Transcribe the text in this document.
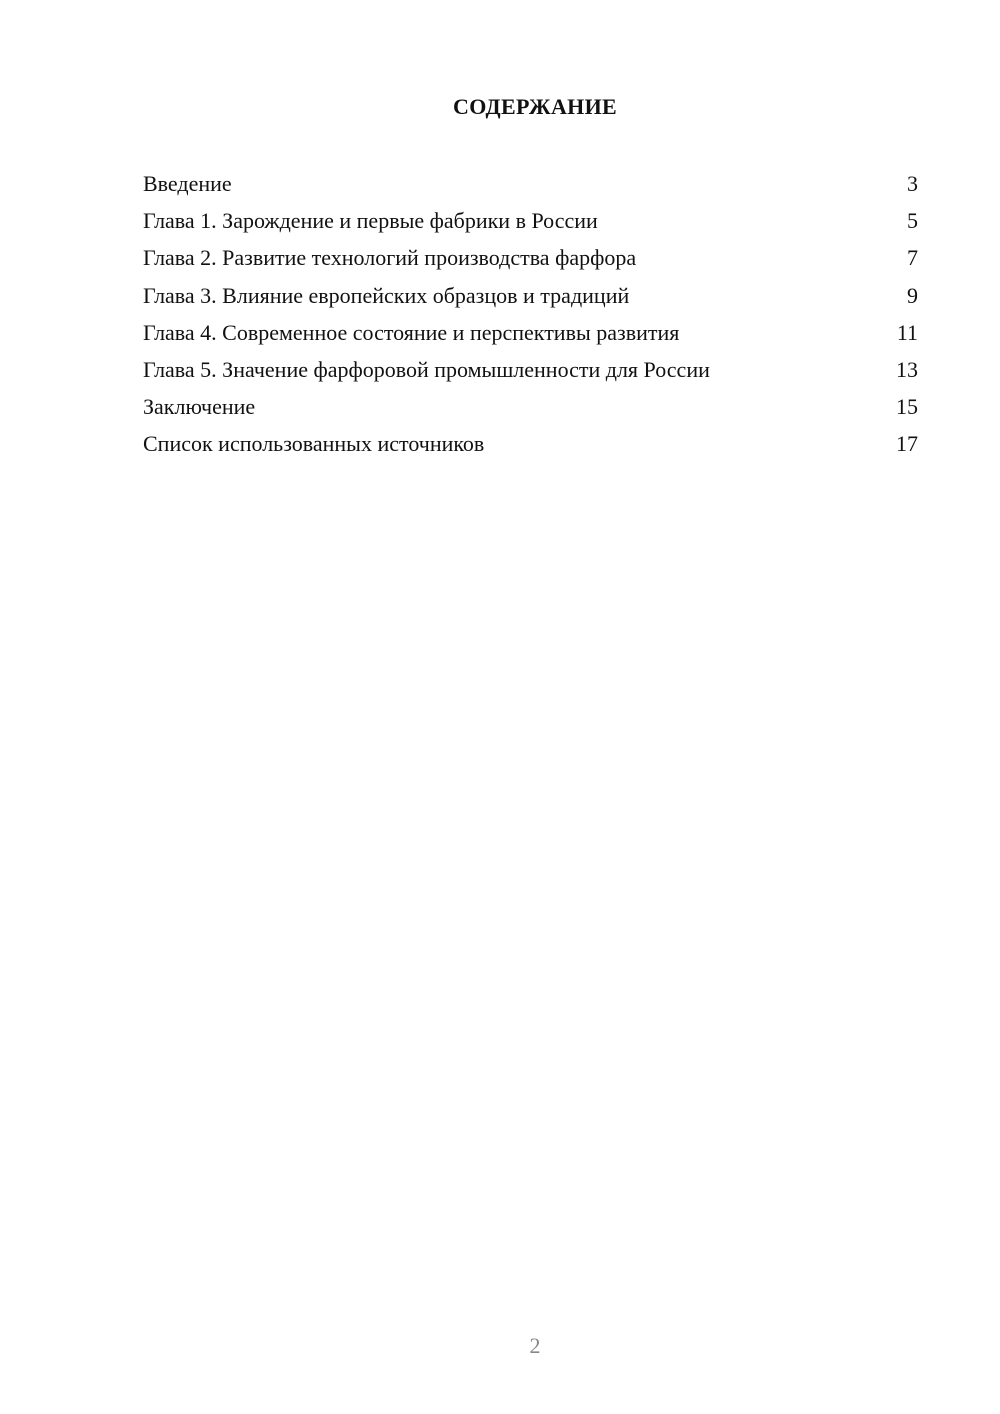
СОДЕРЖАНИЕ
Введение	3
Глава 1. Зарождение и первые фабрики в России	5
Глава 2. Развитие технологий производства фарфора	7
Глава 3. Влияние европейских образцов и традиций	9
Глава 4. Современное состояние и перспективы развития	11
Глава 5. Значение фарфоровой промышленности для России	13
Заключение	15
Список использованных источников	17
2
